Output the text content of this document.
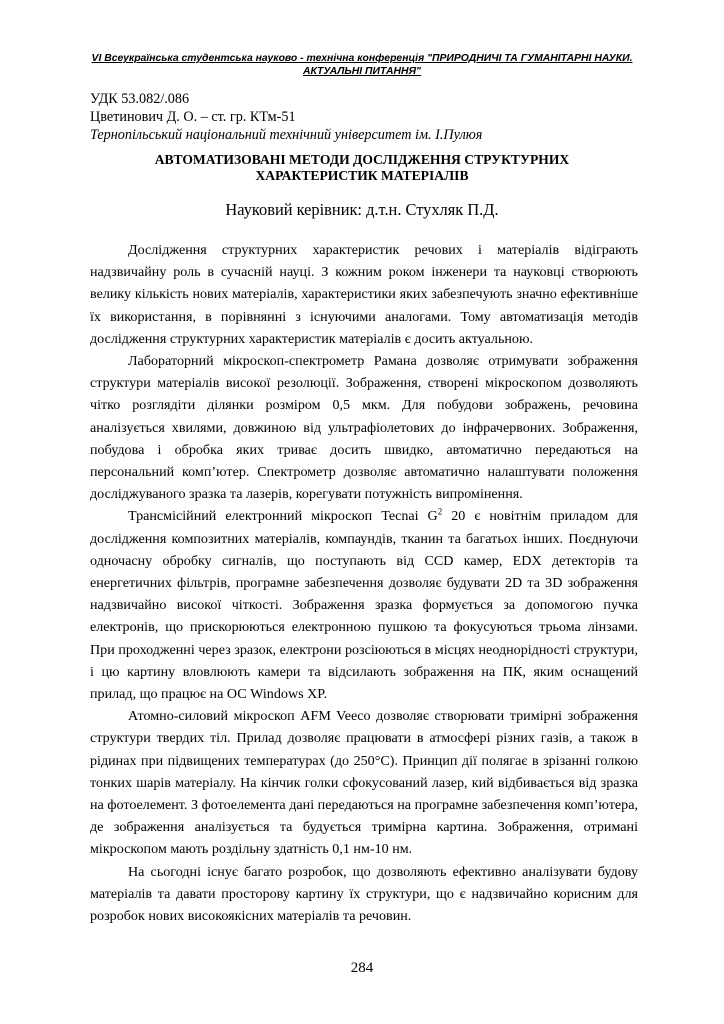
VI Всеукраїнська студентська науково - технічна конференція "ПРИРОДНИЧІ ТА ГУМАНІТАРНІ НАУКИ.
АКТУАЛЬНІ ПИТАННЯ"
УДК 53.082/.086
Цветинович Д. О. – ст. гр. КТм-51
Тернопільський національний технічний університет ім. І.Пулюя
АВТОМАТИЗОВАНІ МЕТОДИ ДОСЛІДЖЕННЯ СТРУКТУРНИХ
ХАРАКТЕРИСТИК МАТЕРІАЛІВ
Науковий керівник: д.т.н. Стухляк П.Д.

Дослідження структурних характеристик речових і матеріалів відіграють надзвичайну роль в сучасній науці. З кожним роком інженери та науковці створюють велику кількість нових матеріалів, характеристики яких забезпечують значно ефективніше їх використання, в порівнянні з існуючими аналогами. Тому автоматизація методів дослідження структурних характеристик матеріалів є досить актуальною.

Лабораторний мікроскоп-спектрометр Рамана дозволяє отримувати зображення структури матеріалів високої резолюції. Зображення, створені мікроскопом дозволяють чітко розглядіти ділянки розміром 0,5 мкм. Для побудови зображень, речовина аналізується хвилями, довжиною від ультрафіолетових до інфрачервоних. Зображення, побудова і обробка яких триває досить швидко, автоматично передаються на персональний комп’ютер. Спектрометр дозволяє автоматично налаштувати положення досліджуваного зразка та лазерів, корегувати потужність випромінення.

Трансмісійний електронний мікроскоп Tecnai $G^2$ 20 є новітнім приладом для дослідження композитних матеріалів, компаундів, тканин та багатьох інших. Поєднуючи одночасну обробку сигналів, що поступають від CCD камер, EDX детекторів та енергетичних фільтрів, програмне забезпечення дозволяє будувати 2D та 3D зображення надзвичайно високої чіткості. Зображення зразка формується за допомогою пучка електронів, що прискорюються електронною пушкою та фокусуються трьома лінзами. При проходженні через зразок, електрони розсіюються в місцях неоднорідності структури, і цю картину вловлюють камери та відсилають зображення на ПК, яким оснащений прилад, що працює на ОС Windows XP.

Атомно-силовий мікроскоп AFM Veeco дозволяє створювати тримірні зображення структури твердих тіл. Прилад дозволяє працювати в атмосфері різних газів, а також в рідинах при підвищених температурах (до 250°С). Принцип дії полягає в зрізанні голкою тонких шарів матеріалу. На кінчик голки сфокусований лазер, кий відбивається від зразка на фотоелемент. З фотоелемента дані передаються на програмне забезпечення комп’ютера, де зображення аналізується та будується тримірна картина. Зображення, отримані мікроскопом мають роздільну здатність 0,1 нм-10 нм.

На сьогодні існує багато розробок, що дозволяють ефективно аналізувати будову матеріалів та давати просторову картину їх структури, що є надзвичайно корисним для розробок нових високоякісних матеріалів та речовин.

284
